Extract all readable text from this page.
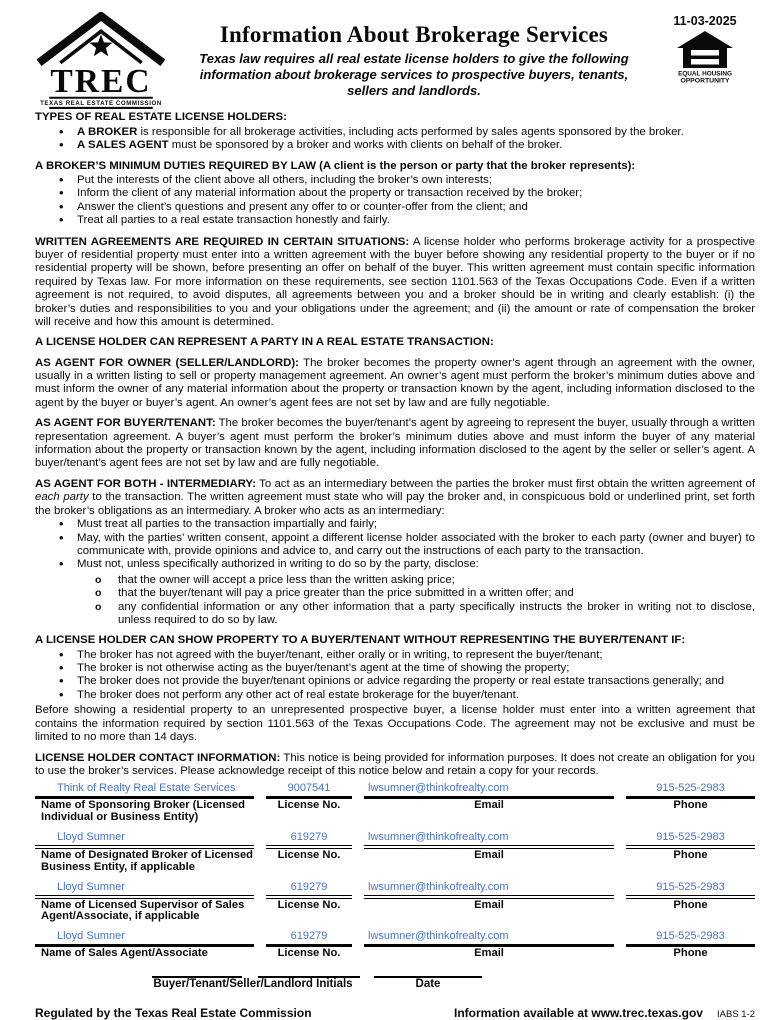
TREC
TEXAS REAL ESTATE COMMISSION
Information About Brokerage Services
Texas law requires all real estate license holders to give the following information about brokerage services to prospective buyers, tenants, sellers and landlords.
11-03-2025
EQUAL HOUSING
OPPORTUNITY
TYPES OF REAL ESTATE LICENSE HOLDERS:
• A BROKER is responsible for all brokerage activities, including acts performed by sales agents sponsored by the broker.
• A SALES AGENT must be sponsored by a broker and works with clients on behalf of the broker.
A BROKER’S MINIMUM DUTIES REQUIRED BY LAW (A client is the person or party that the broker represents):
• Put the interests of the client above all others, including the broker’s own interests;
• Inform the client of any material information about the property or transaction received by the broker;
• Answer the client’s questions and present any offer to or counter-offer from the client; and
• Treat all parties to a real estate transaction honestly and fairly.

WRITTEN AGREEMENTS ARE REQUIRED IN CERTAIN SITUATIONS: A license holder who performs brokerage activity for a prospective buyer of residential property must enter into a written agreement with the buyer before showing any residential property to the buyer or if no residential property will be shown, before presenting an offer on behalf of the buyer. This written agreement must contain specific information required by Texas law. For more information on these requirements, see section 1101.563 of the Texas Occupations Code. Even if a written agreement is not required, to avoid disputes, all agreements between you and a broker should be in writing and clearly establish: (i) the broker’s duties and responsibilities to you and your obligations under the agreement; and (ii) the amount or rate of compensation the broker will receive and how this amount is determined.

A LICENSE HOLDER CAN REPRESENT A PARTY IN A REAL ESTATE TRANSACTION:

AS AGENT FOR OWNER (SELLER/LANDLORD): The broker becomes the property owner’s agent through an agreement with the owner, usually in a written listing to sell or property management agreement. An owner’s agent must perform the broker’s minimum duties above and must inform the owner of any material information about the property or transaction known by the agent, including information disclosed to the agent by the buyer or buyer’s agent. An owner’s agent fees are not set by law and are fully negotiable.

AS AGENT FOR BUYER/TENANT: The broker becomes the buyer/tenant’s agent by agreeing to represent the buyer, usually through a written representation agreement. A buyer’s agent must perform the broker’s minimum duties above and must inform the buyer of any material information about the property or transaction known by the agent, including information disclosed to the agent by the seller or seller’s agent. A buyer/tenant’s agent fees are not set by law and are fully negotiable.

AS AGENT FOR BOTH - INTERMEDIARY: To act as an intermediary between the parties the broker must first obtain the written agreement of each party to the transaction. The written agreement must state who will pay the broker and, in conspicuous bold or underlined print, set forth the broker’s obligations as an intermediary. A broker who acts as an intermediary:

• Must treat all parties to the transaction impartially and fairly;
• May, with the parties’ written consent, appoint a different license holder associated with the broker to each party (owner and buyer) to communicate with, provide opinions and advice to, and carry out the instructions of each party to the transaction.
• Must not, unless specifically authorized in writing to do so by the party, disclose:
o that the owner will accept a price less than the written asking price;
o that the buyer/tenant will pay a price greater than the price submitted in a written offer; and
o any confidential information or any other information that a party specifically instructs the broker in writing not to disclose, unless required to do so by law.
A LICENSE HOLDER CAN SHOW PROPERTY TO A BUYER/TENANT WITHOUT REPRESENTING THE BUYER/TENANT IF:
• The broker has not agreed with the buyer/tenant, either orally or in writing, to represent the buyer/tenant;
• The broker is not otherwise acting as the buyer/tenant’s agent at the time of showing the property;
• The broker does not provide the buyer/tenant opinions or advice regarding the property or real estate transactions generally; and
• The broker does not perform any other act of real estate brokerage for the buyer/tenant.

Before showing a residential property to an unrepresented prospective buyer, a license holder must enter into a written agreement that contains the information required by section 1101.563 of the Texas Occupations Code. The agreement may not be exclusive and must be limited to no more than 14 days.

LICENSE HOLDER CONTACT INFORMATION: This notice is being provided for information purposes. It does not create an obligation for you to use the broker’s services. Please acknowledge receipt of this notice below and retain a copy for your records.

Think of Realty Real Estate Services
Name of Sponsoring Broker (Licensed Individual or Business Entity)
9007541
License No.
lwsumner@thinkofrealty.com
Email
915-525-2983
Phone
Lloyd Sumner
Name of Designated Broker of Licensed Business Entity, if applicable
619279
License No.
lwsumner@thinkofrealty.com
Email
915-525-2983
Phone
Lloyd Sumner
Name of Licensed Supervisor of Sales Agent/Associate, if applicable
619279
License No.
lwsumner@thinkofrealty.com
Email
915-525-2983
Phone
Lloyd Sumner
Name of Sales Agent/Associate
619279
License No.
lwsumner@thinkofrealty.com
Email
915-525-2983
Phone
Buyer/Tenant/Seller/Landlord Initials	Date
Regulated by the Texas Real Estate Commission	Information available at www.trec.texas.gov IABS 1-2
